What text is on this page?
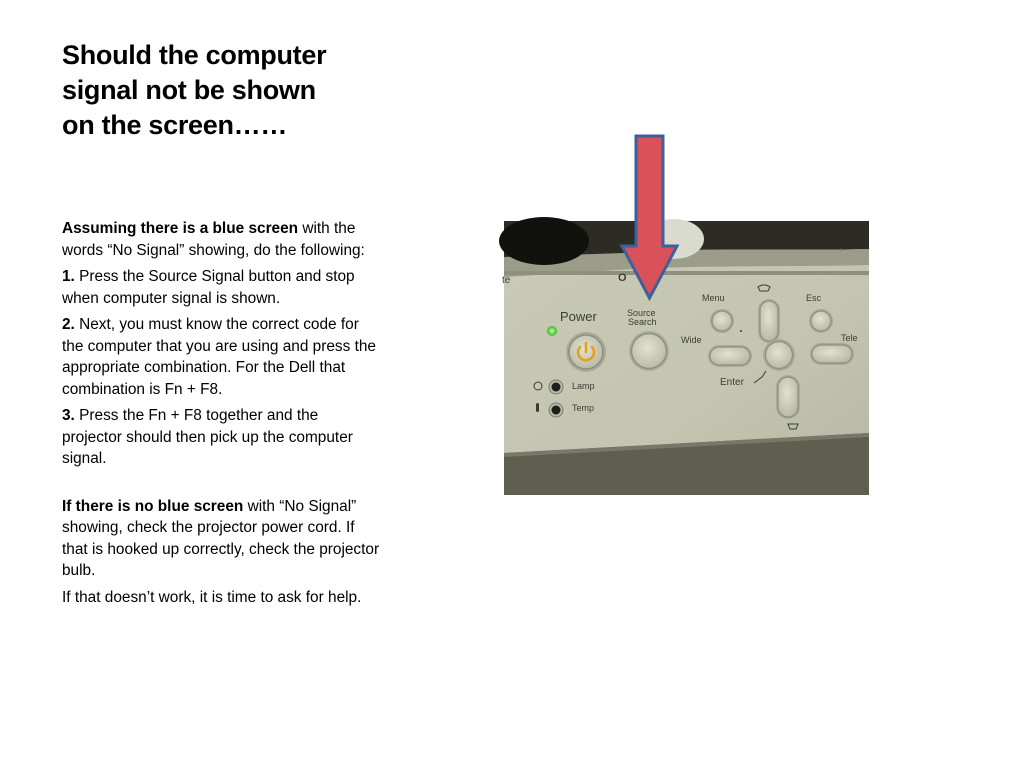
Should the computer
signal not be shown
on the screen……

Assuming there is a blue screen with the words “No Signal” showing, do the following:

1. Press the Source Signal button and stop when computer signal is shown.

2. Next, you must know the correct code for the computer that you are using and press the appropriate combination. For the Dell that combination is Fn + F8.

3. Press the Fn + F8 together and the projector should then pick up the computer signal.

If there is no blue screen with “No Signal” showing, check the projector power cord. If that is hooked up correctly, check the projector bulb.

If that doesn’t work, it is time to ask for help.

te	O
Power	Source
Search
Menu	Esc
Wide	Tele
Enter
Lamp
Temp
